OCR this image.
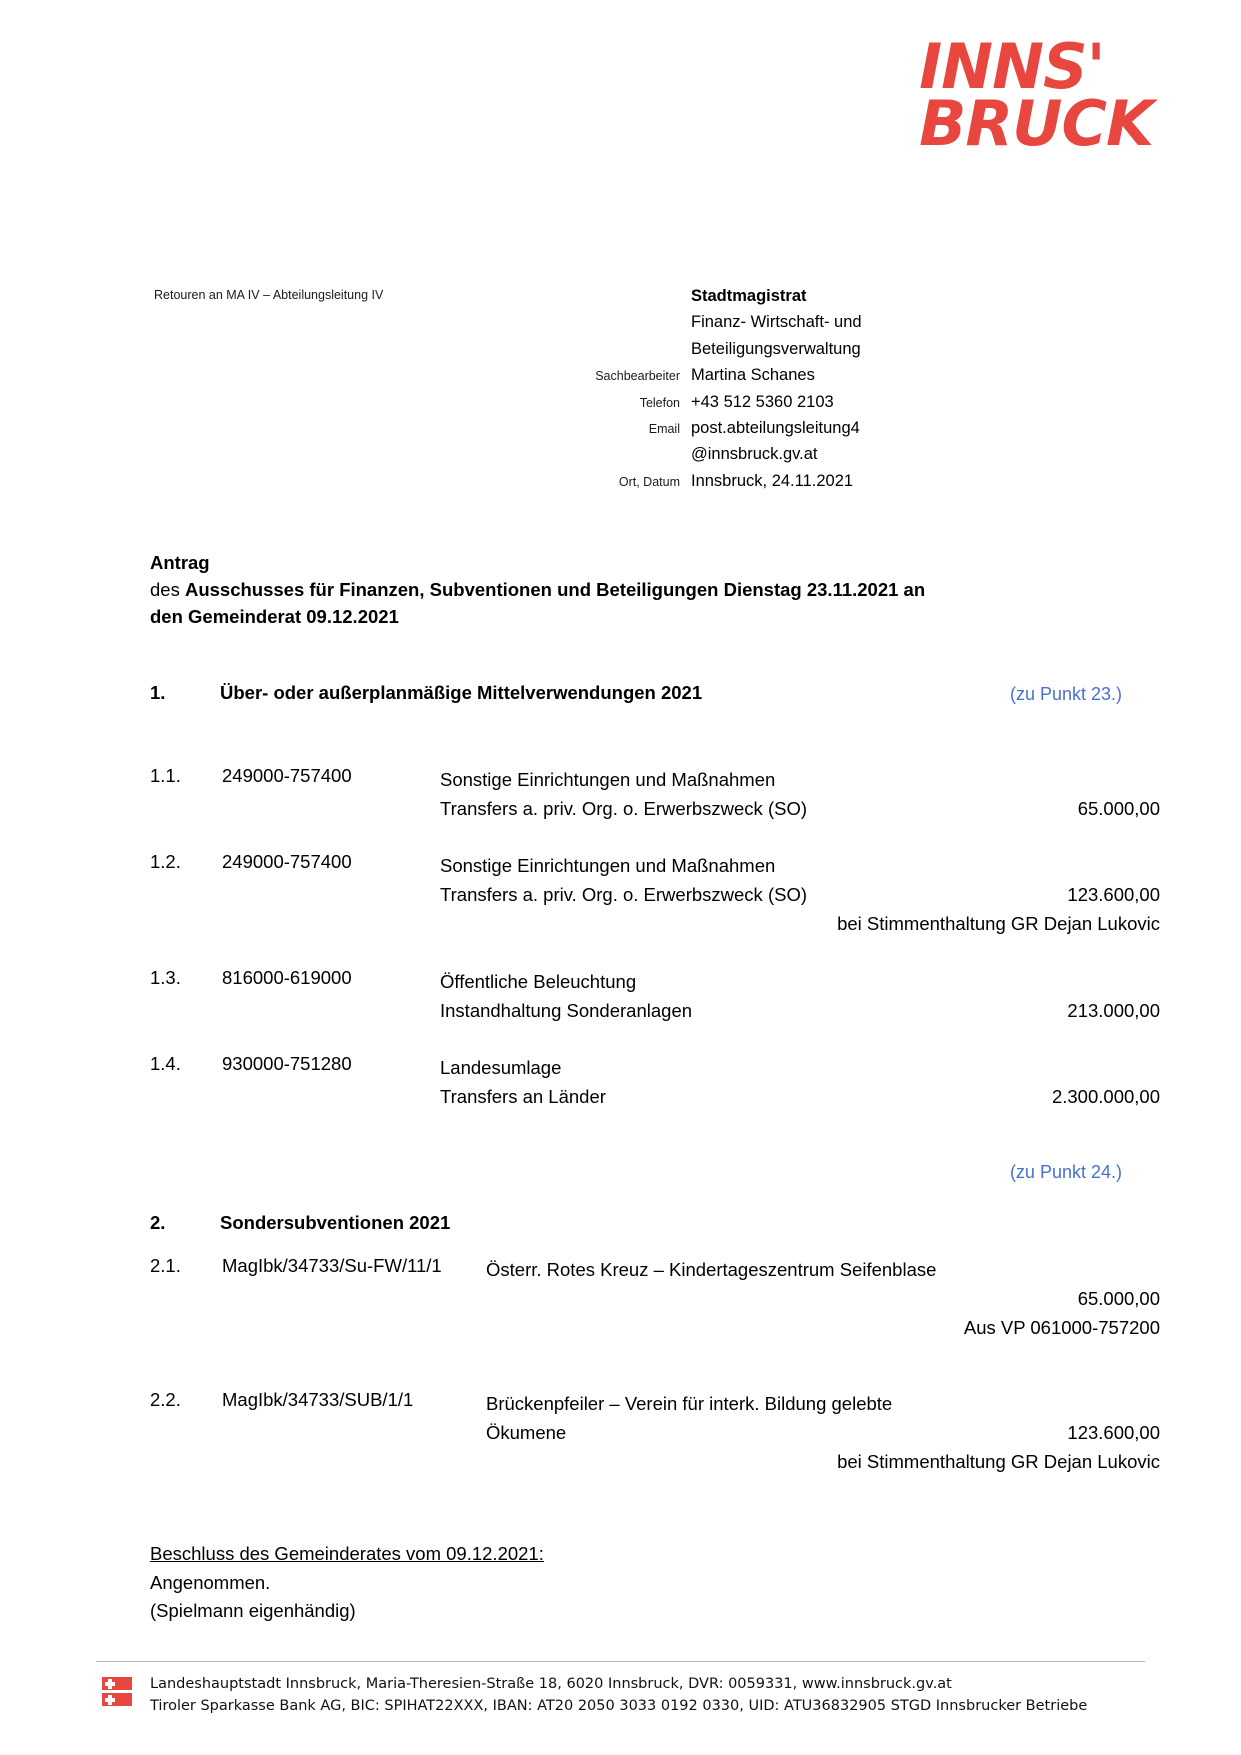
INNS'
BRUCK
Retouren an MA IV – Abteilungsleitung IV	Stadtmagistrat
Finanz- Wirtschaft- und
Beteiligungsverwaltung
Sachbearbeiter Martina Schanes
Telefon +43 512 5360 2103
Email post.abteilungsleitung4
@innsbruck.gv.at
Ort, Datum Innsbruck, 24.11.2021
Antrag
des Ausschusses für Finanzen, Subventionen und Beteiligungen Dienstag 23.11.2021 an
den Gemeinderat 09.12.2021
1.	Über- oder außerplanmäßige Mittelverwendungen 2021	(zu Punkt 23.)
1.1.	249000-757400	Sonstige Einrichtungen und Maßnahmen
Transfers a. priv. Org. o. Erwerbszweck (SO)	65.000,00
1.2.	249000-757400	Sonstige Einrichtungen und Maßnahmen
Transfers a. priv. Org. o. Erwerbszweck (SO)	123.600,00
bei Stimmenthaltung GR Dejan Lukovic
1.3.	816000-619000	Öffentliche Beleuchtung
Instandhaltung Sonderanlagen	213.000,00
1.4.	930000-751280	Landesumlage
Transfers an Länder	2.300.000,00
(zu Punkt 24.)
2.	Sondersubventionen 2021
2.1.	MagIbk/34733/Su-FW/11/1	Österr. Rotes Kreuz – Kindertageszentrum Seifenblase
65.000,00
Aus VP 061000-757200
2.2.	MagIbk/34733/SUB/1/1	Brückenpfeiler – Verein für interk. Bildung gelebte
Ökumene	123.600,00
bei Stimmenthaltung GR Dejan Lukovic
Beschluss des Gemeinderates vom 09.12.2021:
Angenommen.
(Spielmann eigenhändig)
Landeshauptstadt Innsbruck, Maria-Theresien-Straße 18, 6020 Innsbruck, DVR: 0059331, www.innsbruck.gv.at
Tiroler Sparkasse Bank AG, BIC: SPIHAT22XXX, IBAN: AT20 2050 3033 0192 0330, UID: ATU36832905 STGD Innsbrucker Betriebe
